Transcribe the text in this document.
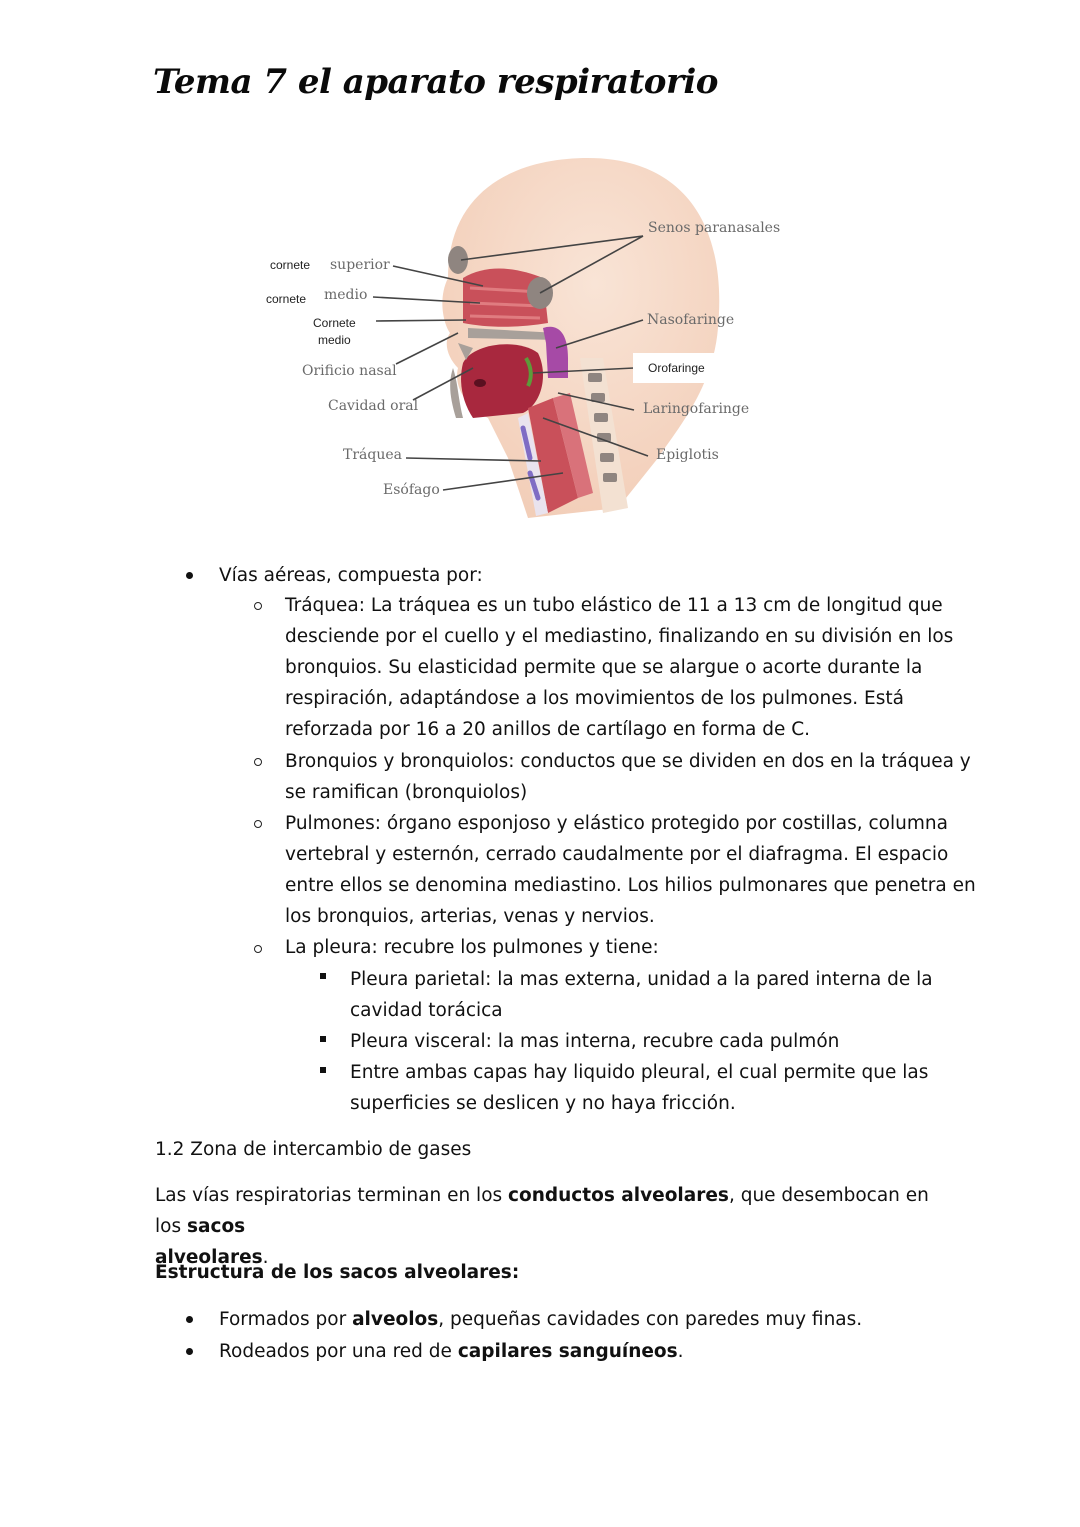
Tema 7 el aparato respiratorio
cornete superior
cornete medio
Cornete
medio
Orificio nasal
Cavidad oral
Tráquea
Esófago
Senos paranasales
Nasofaringe
Orofaringe
Laringofaringe
Epiglotis
Vías aéreas, compuesta por:
Tráquea: La tráquea es un tubo elástico de 11 a 13 cm de longitud que
desciende por el cuello y el mediastino, finalizando en su división en los
bronquios. Su elasticidad permite que se alargue o acorte durante la
respiración, adaptándose a los movimientos de los pulmones. Está
reforzada por 16 a 20 anillos de cartílago en forma de C.
Bronquios y bronquiolos: conductos que se dividen en dos en la tráquea y
se ramifican (bronquiolos)
Pulmones: órgano esponjoso y elástico protegido por costillas, columna
vertebral y esternón, cerrado caudalmente por el diafragma. El espacio
entre ellos se denomina mediastino. Los hilios pulmonares que penetra en
los bronquios, arterias, venas y nervios.
La pleura: recubre los pulmones y tiene:
Pleura parietal: la mas externa, unidad a la pared interna de la
cavidad torácica
Pleura visceral: la mas interna, recubre cada pulmón
Entre ambas capas hay liquido pleural, el cual permite que las
superficies se deslicen y no haya fricción.
1.2 Zona de intercambio de gases
Las vías respiratorias terminan en los conductos alveolares, que desembocan en los sacos
alveolares.
Estructura de los sacos alveolares:
Formados por alveolos, pequeñas cavidades con paredes muy finas.
Rodeados por una red de capilares sanguíneos.
